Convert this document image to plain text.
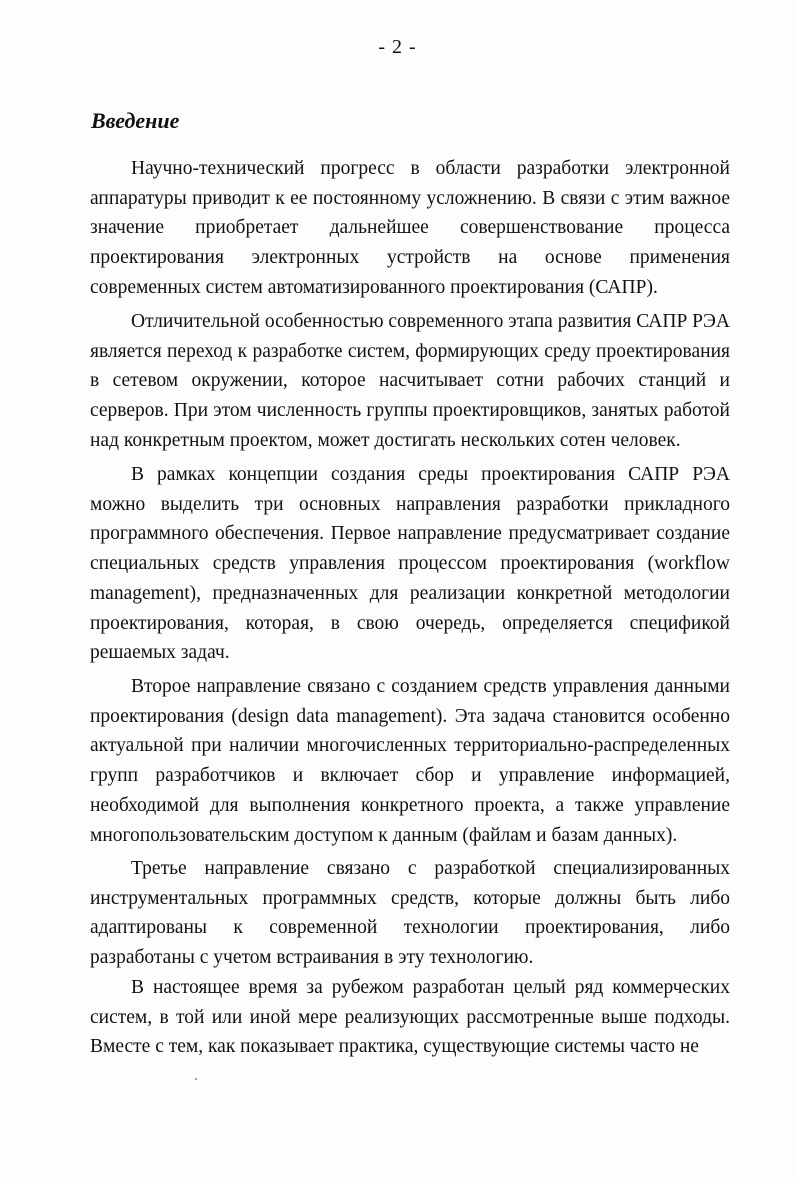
- 2 -
Введение

Научно-технический прогресс в области разработки электронной аппаратуры приводит к ее постоянному усложнению. В связи с этим важное значение приобретает дальнейшее совершенствование процесса проектирования электронных устройств на основе применения современных систем автоматизированного проектирования (САПР).

Отличительной особенностью современного этапа развития САПР РЭА является переход к разработке систем, формирующих среду проектирования в сетевом окружении, которое насчитывает сотни рабочих станций и серверов. При этом численность группы проектировщиков, занятых работой над конкретным проектом, может достигать нескольких сотен человек.

В рамках концепции создания среды проектирования САПР РЭА можно выделить три основных направления разработки прикладного программного обеспечения. Первое направление предусматривает создание специальных средств управления процессом проектирования (workflow management), предназначенных для реализации конкретной методологии проектирования, которая, в свою очередь, определяется спецификой решаемых задач.

Второе направление связано с созданием средств управления данными проектирования (design data management). Эта задача становится особенно актуальной при наличии многочисленных территориально-распределенных групп разработчиков и включает сбор и управление информацией, необходимой для выполнения конкретного проекта, а также управление многопользовательским доступом к данным (файлам и базам данных).

Третье направление связано с разработкой специализированных инструментальных программных средств, которые должны быть либо адаптированы к современной технологии проектирования, либо разработаны с учетом встраивания в эту технологию.

В настоящее время за рубежом разработан целый ряд коммерческих систем, в той или иной мере реализующих рассмотренные выше подходы. Вместе с тем, как показывает практика, существующие системы часто не
